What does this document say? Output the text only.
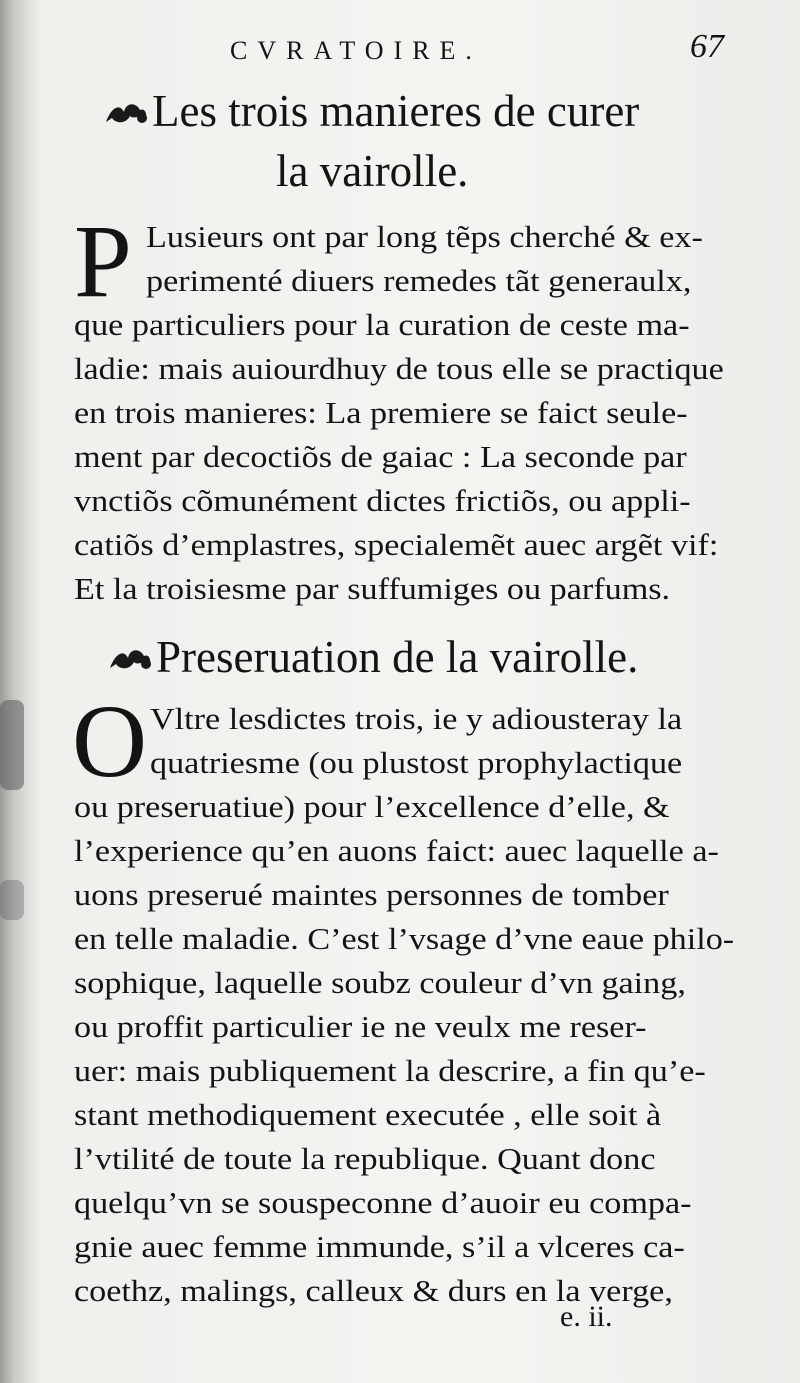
CVRATOIRE.	67
Les trois manieres de curer
la vairolle.
P Lusieurs ont par long tẽps cherché & ex-
perimenté diuers remedes tãt generaulx,
que particuliers pour la curation de ceste ma-
ladie: mais auiourdhuy de tous elle se practique
en trois manieres: La premiere se faict seule-
ment par decoctiõs de gaiac : La seconde par
vnctiõs cõmunément dictes frictiõs, ou appli-
catiõs d’emplastres, specialemẽt auec argẽt vif:
Et la troisiesme par suffumiges ou parfums.
Preseruation de la vairolle.
O Vltre lesdictes trois, ie y adiousteray la
quatriesme (ou plustost prophylactique
ou preseruatiue) pour l’excellence d’elle, &
l’experience qu’en auons faict: auec laquelle a-
uons preserué maintes personnes de tomber
en telle maladie. C’est l’vsage d’vne eaue philo-
sophique, laquelle soubz couleur d’vn gaing,
ou proffit particulier ie ne veulx me reser-
uer: mais publiquement la descrire, a fin qu’e-
stant methodiquement executée , elle soit à
l’vtilité de toute la republique. Quant donc
quelqu’vn se souspeconne d’auoir eu compa-
gnie auec femme immunde, s’il a vlceres ca-
coethz, malings, calleux & durs en la verge,
e. ii.
